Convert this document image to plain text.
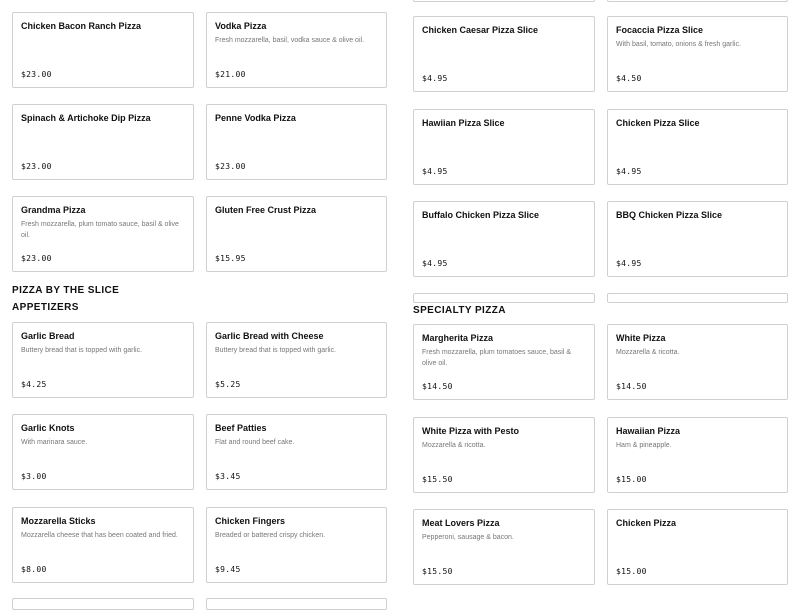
Chicken Bacon Ranch Pizza
$23.00
Vodka Pizza
Fresh mozzarella, basil, vodka sauce & olive oil.
$21.00
Spinach & Artichoke Dip Pizza
$23.00
Penne Vodka Pizza
$23.00
Grandma Pizza
Fresh mozzarella, plum tomato sauce, basil & olive oil.
$23.00
Gluten Free Crust Pizza
$15.95
PIZZA BY THE SLICE
APPETIZERS
Garlic Bread
Buttery bread that is topped with garlic.
$4.25
Garlic Bread with Cheese
Buttery bread that is topped with garlic.
$5.25
Garlic Knots
With marinara sauce.
$3.00
Beef Patties
Flat and round beef cake.
$3.45
Mozzarella Sticks
Mozzarella cheese that has been coated and fried.
$8.00
Chicken Fingers
Breaded or battered crispy chicken.
$9.45
Chicken Caesar Pizza Slice
$4.95
Focaccia Pizza Slice
With basil, tomato, onions & fresh garlic.
$4.50
Hawiian Pizza Slice
$4.95
Chicken Pizza Slice
$4.95
Buffalo Chicken Pizza Slice
$4.95
BBQ Chicken Pizza Slice
$4.95
SPECIALTY PIZZA
Margherita Pizza
Fresh mozzarella, plum tomatoes sauce, basil & olive oil.
$14.50
White Pizza
Mozzarella & ricotta.
$14.50
White Pizza with Pesto
Mozzarella & ricotta.
$15.50
Hawaiian Pizza
Ham & pineapple.
$15.00
Meat Lovers Pizza
Pepperoni, sausage & bacon.
$15.50
Chicken Pizza
$15.00
